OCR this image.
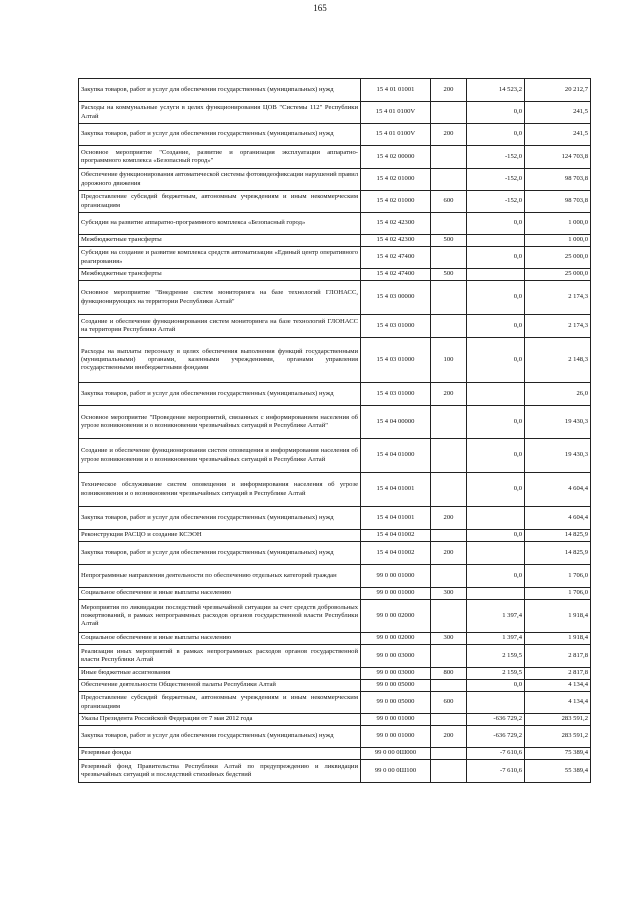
165
Закупка товаров, работ и услуг для обеспечения государственных (муниципальных) нужд	15 4 01 01001	200	14 523,2	20 212,7
Расходы на коммунальные услуги в целях функционирования ЦОВ "Системы 112" Республики Алтай	15 4 01 0100V		0,0	241,5
Закупка товаров, работ и услуг для обеспечения государственных (муниципальных) нужд	15 4 01 0100V	200	0,0	241,5
Основное мероприятие "Создание, развитие и организация эксплуатации аппаратно-программного комплекса «Безопасный город»"	15 4 02 00000		-152,0	124 703,8
Обеспечение функционирования автоматической системы фотовидеофиксации нарушений правил дорожного движения	15 4 02 01000		-152,0	98 703,8
Предоставление субсидий бюджетным, автономным учреждениям и иным некоммерческим организациям	15 4 02 01000	600	-152,0	98 703,8
Субсидии на развитие аппаратно-программного комплекса «Безопасный город»	15 4 02 42300		0,0	1 000,0
Межбюджетные трансферты	15 4 02 42300	500		1 000,0
Субсидии на создание и развитие комплекса средств автоматизации «Единый центр оперативного реагирования»	15 4 02 47400		0,0	25 000,0
Межбюджетные трансферты	15 4 02 47400	500		25 000,0
Основное мероприятие "Внедрение систем мониторинга на базе технологий ГЛОНАСС, функционирующих на территории Республики Алтай"	15 4 03 00000		0,0	2 174,3
Создание и обеспечение функционирования систем мониторинга на базе технологий ГЛОНАСС на территории Республики Алтай	15 4 03 01000		0,0	2 174,3
Расходы на выплаты персоналу в целях обеспечения выполнения функций государственными (муниципальными) органами, казенными учреждениями, органами управления государственными внебюджетными фондами	15 4 03 01000	100	0,0	2 148,3
Закупка товаров, работ и услуг для обеспечения государственных (муниципальных) нужд	15 4 03 01000	200		26,0
Основное мероприятие "Проведение мероприятий, связанных с информированием населения об угрозе возникновения и о возникновении чрезвычайных ситуаций в Республике Алтай"	15 4 04 00000		0,0	19 430,3
Создание и обеспечение функционирования систем оповещения и информирования населения об угрозе возникновения и о возникновении чрезвычайных ситуаций в Республике Алтай	15 4 04 01000		0,0	19 430,3
Техническое обслуживание систем оповещения и информирования населения об угрозе возникновения и о возникновении чрезвычайных ситуаций в Республике Алтай	15 4 04 01001		0,0	4 604,4
Закупка товаров, работ и услуг для обеспечения государственных (муниципальных) нужд	15 4 04 01001	200		4 604,4
Реконструкция РАСЦО и создание КСЭОН	15 4 04 01002		0,0	14 825,9
Закупка товаров, работ и услуг для обеспечения государственных (муниципальных) нужд	15 4 04 01002	200		14 825,9
Непрограммные направления деятельности по обеспечению отдельных категорий граждан	99 0 00 01000		0,0	1 706,0
Социальное обеспечение и иные выплаты населению	99 0 00 01000	300		1 706,0
Мероприятия по ликвидации последствий чрезвычайной ситуации за счет средств добровольных пожертвований, в рамках непрограммных расходов органов государственной власти Республики Алтай	99 0 00 02000		1 397,4	1 918,4
Социальное обеспечение и иные выплаты населению	99 0 00 02000	300	1 397,4	1 918,4
Реализация иных мероприятий в рамках непрограммных расходов органов государственной власти Республики Алтай	99 0 00 03000		2 159,5	2 817,8
Иные бюджетные ассигнования	99 0 00 03000	800	2 159,5	2 817,8
Обеспечение деятельности Общественной палаты Республики Алтай	99 0 00 05000		0,0	4 134,4
Предоставление субсидий бюджетным, автономным учреждениям и иным некоммерческим организациям	99 0 00 05000	600		4 134,4
Указы Президента Российской Федерации от 7 мая 2012 года	99 0 00 01000		-636 729,2	283 591,2
Закупка товаров, работ и услуг для обеспечения государственных (муниципальных) нужд	99 0 00 01000	200	-636 729,2	283 591,2
Резервные фонды	99 0 00 0Ш000		-7 610,6	75 389,4
Резервный фонд Правительства Республики Алтай по предупреждению и ликвидации чрезвычайных ситуаций и последствий стихийных бедствий	99 0 00 0Ш100		-7 610,6	55 389,4
